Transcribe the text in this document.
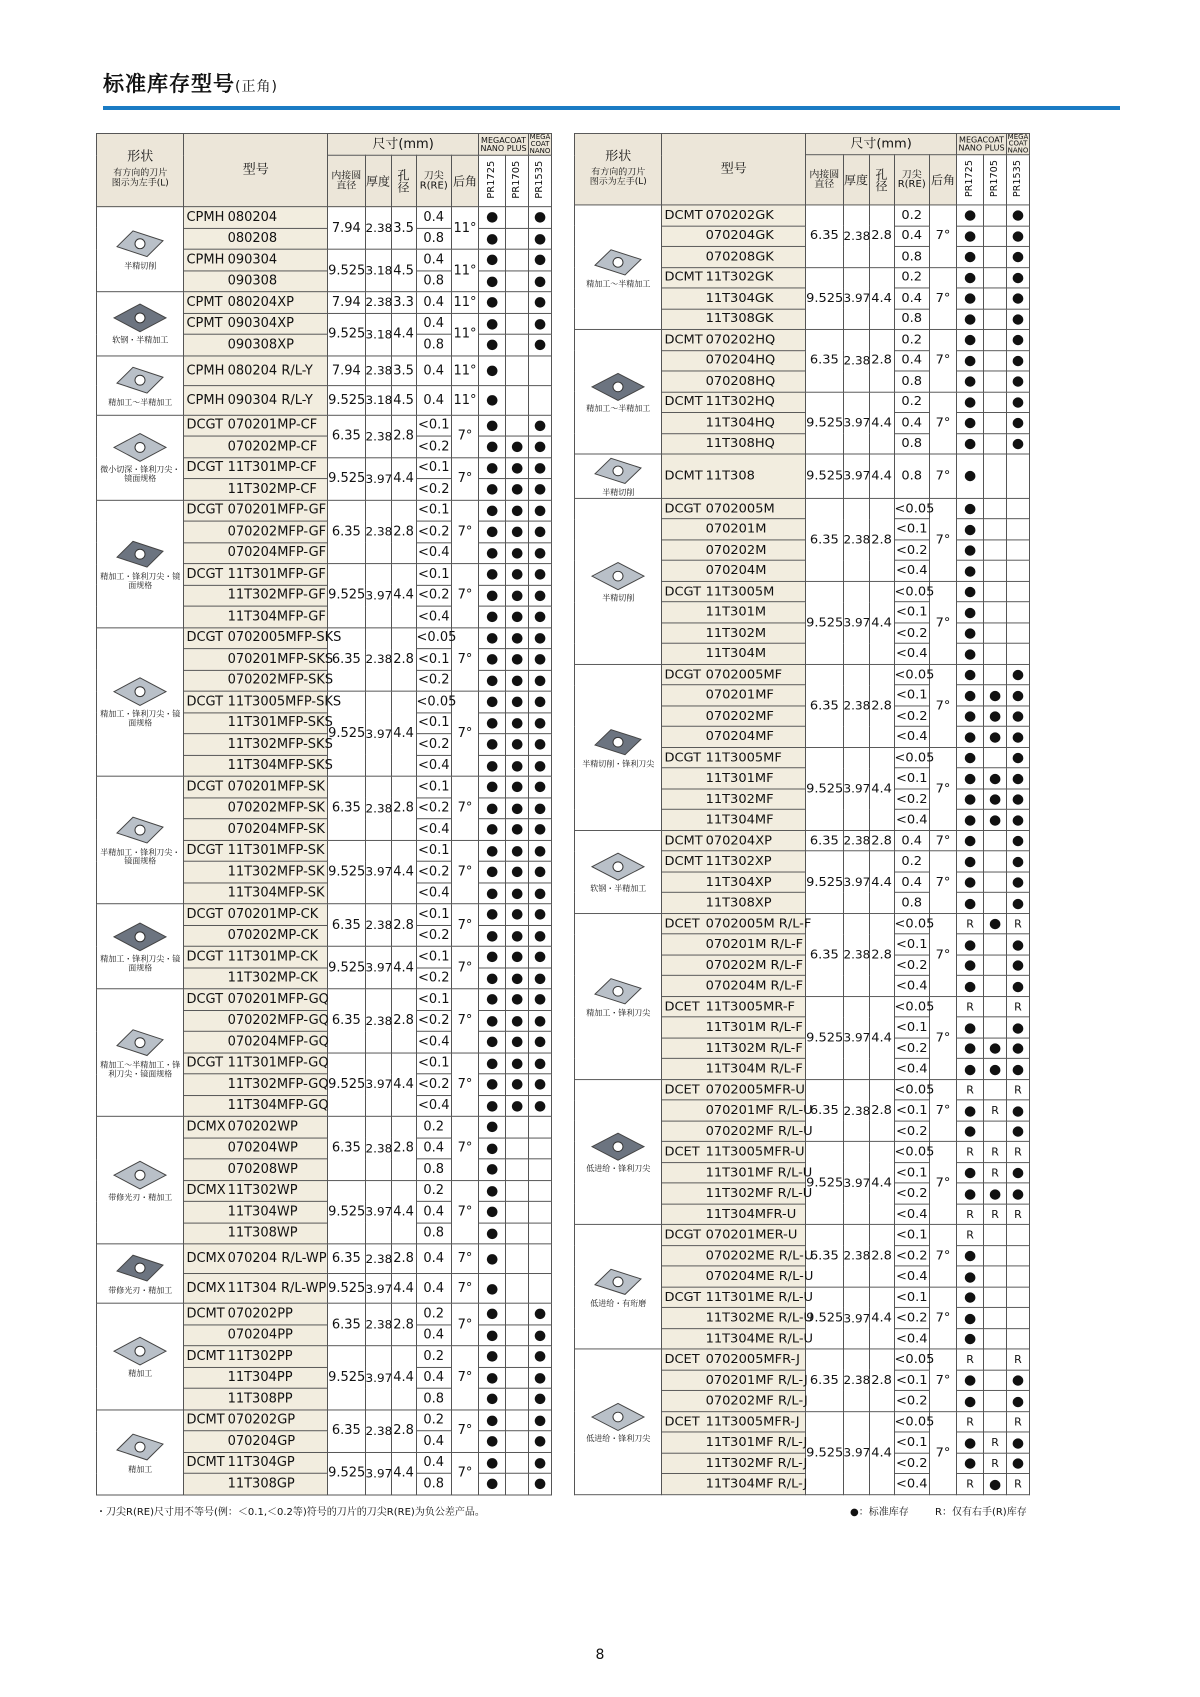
标准库存型号(正角)
形状
有方向的刀片
图示为左手(L)	型号		尺寸(mm)					MEGACOAT NANO PLUS		MEGA COAT NANO
			内接圆直径	厚度	孔径	刀尖R(RE)	后角	PR1725	PR1705	PR1535

半精切削	CPMH	080204	7.94	2.38	3.5	0.4	11°	●		●
		080208				0.8		●		●
	CPMH	090304	9.525	3.18	4.5	0.4	11°	●		●
		090308				0.8		●		●

软钢・半精加工	CPMT	080204XP	7.94	2.38	3.3	0.4	11°	●		●
	CPMT	090304XP	9.525	3.18	4.4	0.4	11°	●		●
		090308XP				0.8		●		●

精加工～半精加工	CPMH	080204 R/L-Y	7.94	2.38	3.5	0.4	11°	●		
	CPMH	090304 R/L-Y	9.525	3.18	4.5	0.4	11°	●		

微小切深・锋利刀尖・镜面规格	DCGT	070201MP-CF	6.35	2.38	2.8	<0.1	7°	●		●
		070202MP-CF				<0.2		●	●	●
	DCGT	11T301MP-CF	9.525	3.97	4.4	<0.1	7°	●	●	●
		11T302MP-CF				<0.2		●	●	●

精加工・锋利刀尖・镜面规格	DCGT	070201MFP-GF	6.35	2.38	2.8	<0.1	7°	●	●	●
		070202MFP-GF				<0.2		●	●	●
		070204MFP-GF				<0.4		●	●	●
	DCGT	11T301MFP-GF	9.525	3.97	4.4	<0.1	7°	●	●	●
		11T302MFP-GF				<0.2		●	●	●
		11T304MFP-GF				<0.4		●	●	●

精加工・锋利刀尖・镜面规格	DCGT	0702005MFP-SKS	6.35	2.38	2.8	<0.05	7°	●	●	●
		070201MFP-SKS				<0.1		●	●	●
		070202MFP-SKS				<0.2		●	●	●
	DCGT	11T3005MFP-SKS	9.525	3.97	4.4	<0.05	7°	●	●	●
		11T301MFP-SKS				<0.1		●	●	●
		11T302MFP-SKS				<0.2		●	●	●
		11T304MFP-SKS				<0.4		●	●	●

半精加工・锋利刀尖・镜面规格	DCGT	070201MFP-SK	6.35	2.38	2.8	<0.1	7°	●	●	●
		070202MFP-SK				<0.2		●	●	●
		070204MFP-SK				<0.4		●	●	●
	DCGT	11T301MFP-SK	9.525	3.97	4.4	<0.1	7°	●	●	●
		11T302MFP-SK				<0.2		●	●	●
		11T304MFP-SK				<0.4		●	●	●

精加工・锋利刀尖・镜面规格	DCGT	070201MP-CK	6.35	2.38	2.8	<0.1	7°	●	●	●
		070202MP-CK				<0.2		●	●	●
	DCGT	11T301MP-CK	9.525	3.97	4.4	<0.1	7°	●	●	●
		11T302MP-CK				<0.2		●	●	●

精加工～半精加工・锋利刀尖・镜面规格	DCGT	070201MFP-GQ	6.35	2.38	2.8	<0.1	7°	●	●	●
		070202MFP-GQ				<0.2		●	●	●
		070204MFP-GQ				<0.4		●	●	●
	DCGT	11T301MFP-GQ	9.525	3.97	4.4	<0.1	7°	●	●	●
		11T302MFP-GQ				<0.2		●	●	●
		11T304MFP-GQ				<0.4		●	●	●

带修光刃・精加工	DCMX	070202WP	6.35	2.38	2.8	0.2	7°	●		
		070204WP				0.4		●		
		070208WP				0.8		●		
	DCMX	11T302WP	9.525	3.97	4.4	0.2	7°	●		
		11T304WP				0.4		●		
		11T308WP				0.8		●		

带修光刃・精加工	DCMX	070204 R/L-WP	6.35	2.38	2.8	0.4	7°	●		
	DCMX	11T304 R/L-WP	9.525	3.97	4.4	0.4	7°	●		

精加工	DCMT	070202PP	6.35	2.38	2.8	0.2	7°	●		●
		070204PP				0.4		●		●
	DCMT	11T302PP	9.525	3.97	4.4	0.2	7°	●		●
		11T304PP				0.4		●		●
		11T308PP				0.8		●		●

精加工	DCMT	070202GP	6.35	2.38	2.8	0.2	7°	●		●
		070204GP				0.4		●		●
	DCMT	11T304GP	9.525	3.97	4.4	0.4	7°	●		●
		11T308GP				0.8		●		●
形状
有方向的刀片
图示为左手(L)	型号		尺寸(mm)					MEGACOAT NANO PLUS		MEGA COAT NANO
			内接圆直径	厚度	孔径	刀尖R(RE)	后角	PR1725	PR1705	PR1535

精加工～半精加工	DCMT	070202GK	6.35	2.38	2.8	0.2	7°	●		●
		070204GK				0.4		●		●
		070208GK				0.8		●		●
	DCMT	11T302GK	9.525	3.97	4.4	0.2	7°	●		●
		11T304GK				0.4		●		●
		11T308GK				0.8		●		●

精加工～半精加工	DCMT	070202HQ	6.35	2.38	2.8	0.2	7°	●		●
		070204HQ				0.4		●		●
		070208HQ				0.8		●		●
	DCMT	11T302HQ	9.525	3.97	4.4	0.2	7°	●		●
		11T304HQ				0.4		●		●
		11T308HQ				0.8		●		●

半精切削	DCMT	11T308	9.525	3.97	4.4	0.8	7°	●		

半精切削	DCGT	0702005M	6.35	2.38	2.8	<0.05	7°	●		
		070201M				<0.1		●		
		070202M				<0.2		●		
		070204M				<0.4		●		
	DCGT	11T3005M	9.525	3.97	4.4	<0.05	7°	●		
		11T301M				<0.1		●		
		11T302M				<0.2		●		
		11T304M				<0.4		●		

半精切削・锋利刀尖	DCGT	0702005MF	6.35	2.38	2.8	<0.05	7°	●		●
		070201MF				<0.1		●	●	●
		070202MF				<0.2		●	●	●
		070204MF				<0.4		●	●	●
	DCGT	11T3005MF	9.525	3.97	4.4	<0.05	7°	●		●
		11T301MF				<0.1		●	●	●
		11T302MF				<0.2		●	●	●
		11T304MF				<0.4		●	●	●

软钢・半精加工	DCMT	070204XP	6.35	2.38	2.8	0.4	7°	●		●
	DCMT	11T302XP	9.525	3.97	4.4	0.2	7°	●		●
		11T304XP				0.4		●		●
		11T308XP				0.8		●		●

精加工・锋利刀尖	DCET	0702005M R/L-F	6.35	2.38	2.8	<0.05	7°	R	●	R
		070201M R/L-F				<0.1		●		●
		070202M R/L-F				<0.2		●		●
		070204M R/L-F				<0.4		●		●
	DCET	11T3005MR-F	9.525	3.97	4.4	<0.05	7°	R		R
		11T301M R/L-F				<0.1		●		●
		11T302M R/L-F				<0.2		●	●	●
		11T304M R/L-F				<0.4		●	●	●

低进给・锋利刀尖	DCET	0702005MFR-U	6.35	2.38	2.8	<0.05	7°	R		R
		070201MF R/L-U				<0.1		●	R	●
		070202MF R/L-U				<0.2		●		●
	DCET	11T3005MFR-U	9.525	3.97	4.4	<0.05	7°	R	R	R
		11T301MF R/L-U				<0.1		●	R	●
		11T302MF R/L-U				<0.2		●	●	●
		11T304MFR-U				<0.4		R	R	R

低进给・有珩磨	DCGT	070201MER-U	6.35	2.38	2.8	<0.1	7°	R		
		070202ME R/L-U				<0.2		●		
		070204ME R/L-U				<0.4		●		
	DCGT	11T301ME R/L-U	9.525	3.97	4.4	<0.1	7°	●		
		11T302ME R/L-U				<0.2		●		
		11T304ME R/L-U				<0.4		●		

低进给・锋利刀尖	DCET	0702005MFR-J	6.35	2.38	2.8	<0.05	7°	R		R
		070201MF R/L-J				<0.1		●		●
		070202MF R/L-J				<0.2		●		●
	DCET	11T3005MFR-J	9.525	3.97	4.4	<0.05	7°	R		R
		11T301MF R/L-J				<0.1		●	R	●
		11T302MF R/L-J				<0.2		●	R	●
		11T304MF R/L-J				<0.4		R	●	R
・刀尖R(RE)尺寸用不等号(例：＜0.1,＜0.2等)符号的刀片的刀尖R(RE)为负公差产品。	●：标准库存	R：仅有右手(R)库存
8
